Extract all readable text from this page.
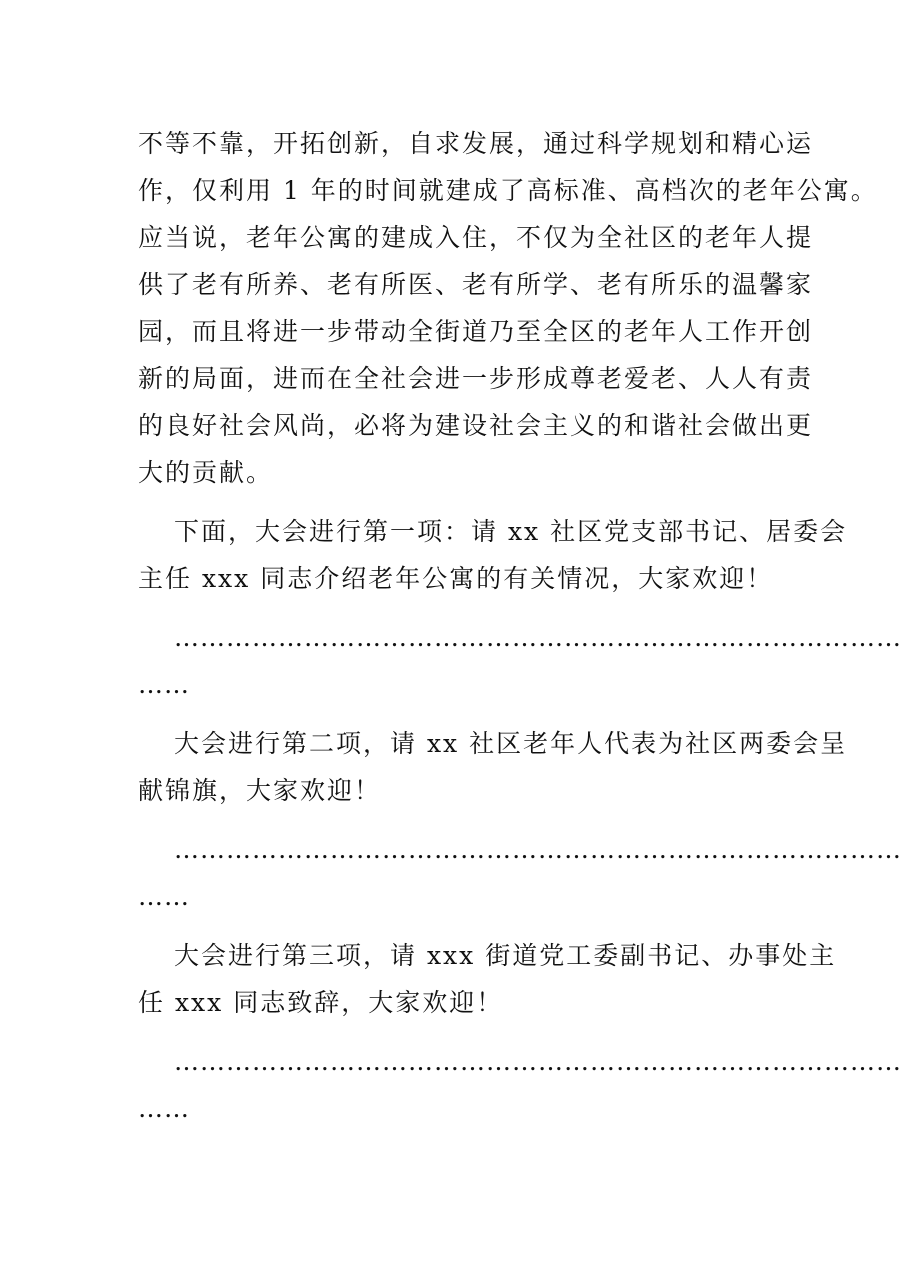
不等不靠，开拓创新，自求发展，通过科学规划和精心运
作，仅利用 1 年的时间就建成了高标准、高档次的老年公寓。
应当说，老年公寓的建成入住，不仅为全社区的老年人提
供了老有所养、老有所医、老有所学、老有所乐的温馨家
园，而且将进一步带动全街道乃至全区的老年人工作开创
新的局面，进而在全社会进一步形成尊老爱老、人人有责
的良好社会风尚，必将为建设社会主义的和谐社会做出更
大的贡献。

下面，大会进行第一项：请 xx 社区党支部书记、居委会
主任 xxx 同志介绍老年公寓的有关情况，大家欢迎！

…………………………………………………………………………
……

大会进行第二项，请 xx 社区老年人代表为社区两委会呈
献锦旗，大家欢迎！

…………………………………………………………………………
……

大会进行第三项，请 xxx 街道党工委副书记、办事处主
任 xxx 同志致辞，大家欢迎！

…………………………………………………………………………
……
